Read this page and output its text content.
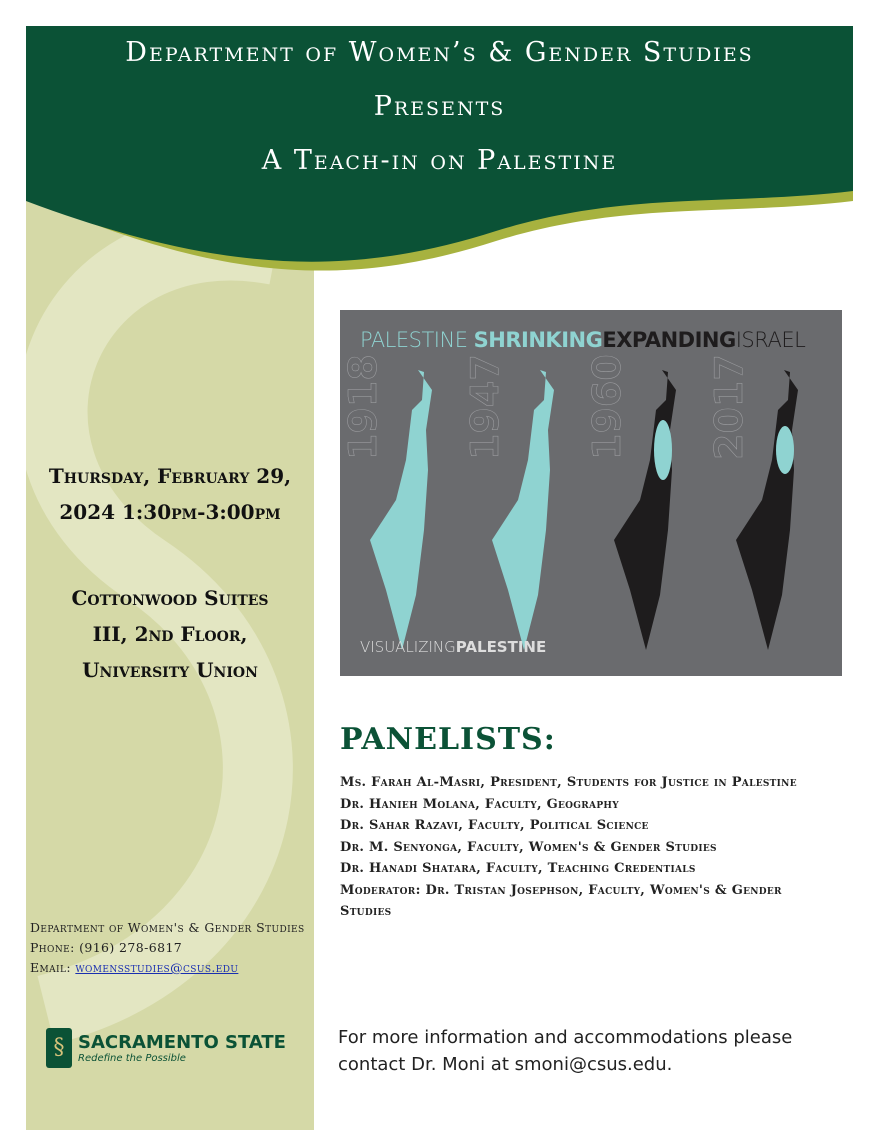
Department of Women’s & Gender Studies
Presents
A Teach-in on Palestine
Thursday, February 29, 2024 1:30pm-3:00pm
Cottonwood Suites
III, 2nd Floor,
University Union
PALESTINE SHRINKINGEXPANDINGISRAEL
1918 1947 1960 2017
VISUALIZINGPALESTINE
PANELISTS:
Ms. Farah Al-Masri, President, Students for Justice in Palestine
Dr. Hanieh Molana, Faculty, Geography
Dr. Sahar Razavi, Faculty, Political Science
Dr. M. Senyonga, Faculty, Women's & Gender Studies
Dr. Hanadi Shatara, Faculty, Teaching Credentials
Moderator: Dr. Tristan Josephson, Faculty, Women's & Gender Studies
For more information and accommodations please contact Dr. Moni at smoni@csus.edu.
Department of Women's & Gender Studies
Phone: (916) 278-6817
Email: womensstudies@csus.edu
§ SACRAMENTO STATE
Redefine the Possible
